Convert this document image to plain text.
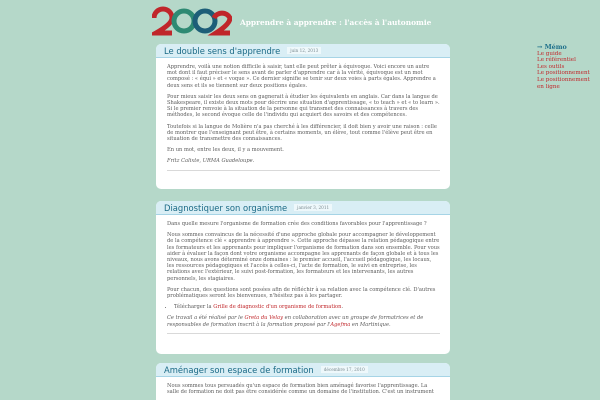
Apprendre à apprendre : l'accès à l'autonomie
→ Mémo
Le guide
Le référentiel
Les outils
Le positionnement
Le positionnement en ligne
Le double sens d'apprendre	juin 12, 2013

Apprendre, voilà une notion difficile à saisir, tant elle peut prêter à équivoque. Voici encore un autre mot dont il faut préciser le sens avant de parler d'apprendre car à la vérité, équivoque est un mot composé : « équi » et « voque ». Ce dernier signifie se tenir sur deux voies à parts égales. Apprendre a deux sens et ils se tiennent sur deux positions égales.

Pour mieux saisir les deux sens on gagnerait à étudier les équivalents en anglais. Car dans la langue de Shakespeare, il existe deux mots pour décrire une situation d'apprentissage, « to teach » et « to learn ». Si le premier renvoie à la situation de la personne qui transmet des connaissances à travers des méthodes, le second évoque celle de l'individu qui acquiert des savoirs et des compétences.

Toutefois si la langue de Molière n'a pas cherché à les différencier, il doit bien y avoir une raison : celle de montrer que l'enseignant peut être, à certains moments, un élève, tout comme l'élève peut être en situation de transmettre des connaissances.

En un mot, entre les deux, il y a mouvement.

Fritz Calixte, URMA Guadeloupe.

Diagnostiquer son organisme	janvier 3, 2011

Dans quelle mesure l'organisme de formation crée des conditions favorables pour l'apprentissage ?

Nous sommes convaincus de la nécessité d'une approche globale pour accompagner le développement de la compétence clé « apprendre à apprendre ». Cette approche dépasse la relation pédagogique entre les formateurs et les apprenants pour impliquer l'organisme de formation dans son ensemble. Pour vous aider à évaluer la façon dont votre organisme accompagne les apprenants de façon globale et à tous les niveaux, nous avons déterminé onze domaines : le premier accueil, l'accueil pédagogique, les locaux, les ressources pédagogiques et l'accès à celles-ci, l'acte de formation, le suivi en entreprise, les relations avec l'extérieur, le suivi post-formation, les formateurs et les intervenants, les autres personnels, les stagiaires.

Pour chacun, des questions sont posées afin de réfléchir à sa relation avec la compétence clé. D'autres problématiques seront les bienvenues, n'hésitez pas à les partager.

• Télécharger la Grille de diagnostic d'un organisme de formation.

Ce travail a été réalisé par le Greta du Velay en collaboration avec un groupe de formatrices et de responsables de formation inscrit à la formation proposé par l'Agefma en Martinique.

Aménager son espace de formation	décembre 17, 2010

Nous sommes tous persuadés qu'un espace de formation bien aménagé favorise l'apprentissage. La salle de formation ne doit pas être considérée comme un domaine de l'institution. C'est un instrument
